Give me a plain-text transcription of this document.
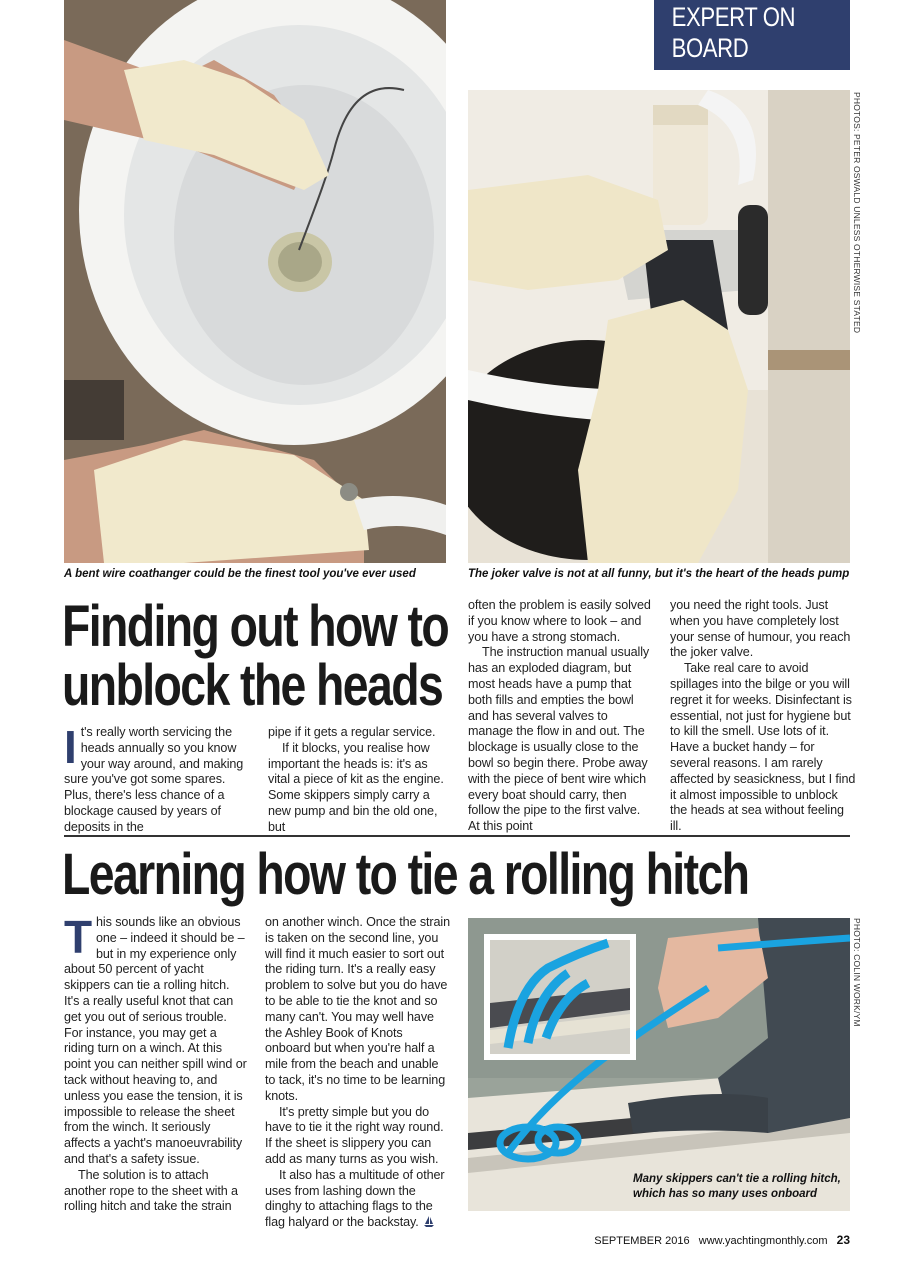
EXPERT ON BOARD
PHOTOS: PETER OSWALD UNLESS OTHERWISE STATED
A bent wire coathanger could be the finest tool you've ever used	The joker valve is not at all funny, but it's the heart of the heads pump
Finding out how to
unblock the heads

It's really worth servicing the heads annually so you know your way around, and making sure you've got some spares. Plus, there's less chance of a blockage caused by years of deposits in the

pipe if it gets a regular service.

If it blocks, you realise how important the heads is: it's as vital a piece of kit as the engine. Some skippers simply carry a new pump and bin the old one, but

often the problem is easily solved if you know where to look – and you have a strong stomach.

The instruction manual usually has an exploded diagram, but most heads have a pump that both fills and empties the bowl and has several valves to manage the flow in and out. The blockage is usually close to the bowl so begin there. Probe away with the piece of bent wire which every boat should carry, then follow the pipe to the first valve. At this point

you need the right tools. Just when you have completely lost your sense of humour, you reach the joker valve.

Take real care to avoid spillages into the bilge or you will regret it for weeks. Disinfectant is essential, not just for hygiene but to kill the smell. Use lots of it. Have a bucket handy – for several reasons. I am rarely affected by seasickness, but I find it almost impossible to unblock the heads at sea without feeling ill.

Learning how to tie a rolling hitch

This sounds like an obvious one – indeed it should be – but in my experience only about 50 percent of yacht skippers can tie a rolling hitch. It's a really useful knot that can get you out of serious trouble. For instance, you may get a riding turn on a winch. At this point you can neither spill wind or tack without heaving to, and unless you ease the tension, it is impossible to release the sheet from the winch. It seriously affects a yacht's manoeuvrability and that's a safety issue.

The solution is to attach another rope to the sheet with a rolling hitch and take the strain

on another winch. Once the strain is taken on the second line, you will find it much easier to sort out the riding turn. It's a really easy problem to solve but you do have to be able to tie the knot and so many can't. You may well have the Ashley Book of Knots onboard but when you're half a mile from the beach and unable to tack, it's no time to be learning knots.

It's pretty simple but you do have to tie it the right way round. If the sheet is slippery you can add as many turns as you wish.

It also has a multitude of other uses from lashing down the dinghy to attaching flags to the flag halyard or the backstay.

Many skippers can't tie a rolling hitch, which has so many uses onboard
PHOTO: COLIN WORK/YM
SEPTEMBER 2016 www.yachtingmonthly.com 23
